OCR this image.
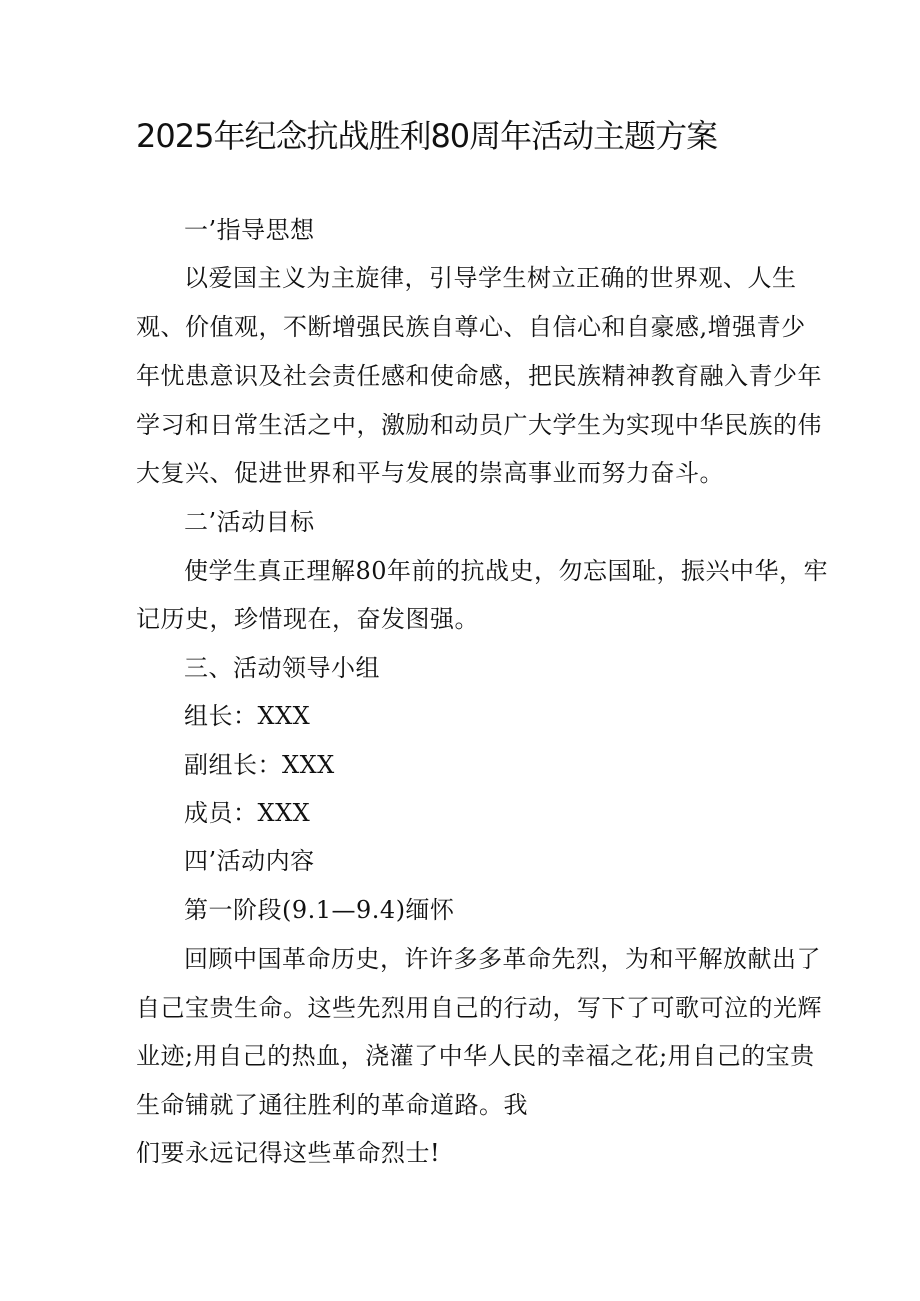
2025年纪念抗战胜利80周年活动主题方案
一’指导思想
以爱国主义为主旋律，引导学生树立正确的世界观、人生
观、价值观，不断增强民族自尊心、自信心和自豪感,增强青少
年忧患意识及社会责任感和使命感，把民族精神教育融入青少年
学习和日常生活之中，激励和动员广大学生为实现中华民族的伟
大复兴、促进世界和平与发展的崇高事业而努力奋斗。
二’活动目标
使学生真正理解80年前的抗战史，勿忘国耻，振兴中华，牢
记历史，珍惜现在，奋发图强。
三、活动领导小组
组长：XXX
副组长：XXX
成员：XXX
四’活动内容
第一阶段(9.1—9.4)缅怀
回顾中国革命历史，许许多多革命先烈，为和平解放献出了
自己宝贵生命。这些先烈用自己的行动，写下了可歌可泣的光辉
业迹;用自己的热血，浇灌了中华人民的幸福之花;用自己的宝贵
生命铺就了通往胜利的革命道路。我
们要永远记得这些革命烈士!
